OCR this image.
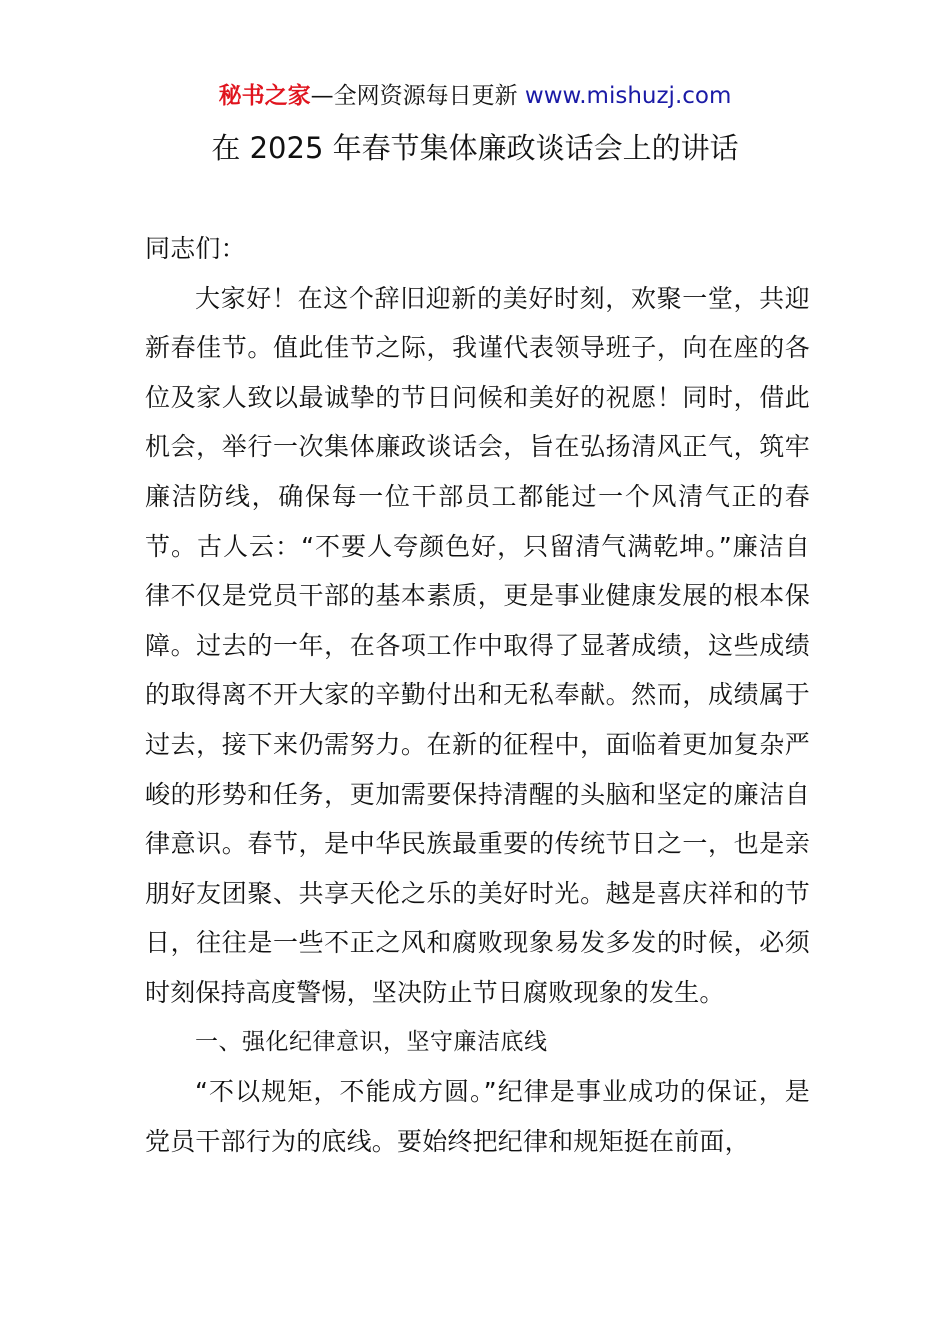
秘书之家—全网资源每日更新 www.mishuzj.com
在 2025 年春节集体廉政谈话会上的讲话

同志们：

大家好！在这个辞旧迎新的美好时刻，欢聚一堂，共迎新春佳节。值此佳节之际，我谨代表领导班子，向在座的各位及家人致以最诚挚的节日问候和美好的祝愿！同时，借此机会，举行一次集体廉政谈话会，旨在弘扬清风正气，筑牢廉洁防线，确保每一位干部员工都能过一个风清气正的春节。古人云：“不要人夸颜色好，只留清气满乾坤。”廉洁自律不仅是党员干部的基本素质，更是事业健康发展的根本保障。过去的一年，在各项工作中取得了显著成绩，这些成绩的取得离不开大家的辛勤付出和无私奉献。然而，成绩属于过去，接下来仍需努力。在新的征程中，面临着更加复杂严峻的形势和任务，更加需要保持清醒的头脑和坚定的廉洁自律意识。春节，是中华民族最重要的传统节日之一，也是亲朋好友团聚、共享天伦之乐的美好时光。越是喜庆祥和的节日，往往是一些不正之风和腐败现象易发多发的时候，必须时刻保持高度警惕，坚决防止节日腐败现象的发生。

一、强化纪律意识，坚守廉洁底线

“不以规矩，不能成方圆。”纪律是事业成功的保证，是党员干部行为的底线。要始终把纪律和规矩挺在前面，
